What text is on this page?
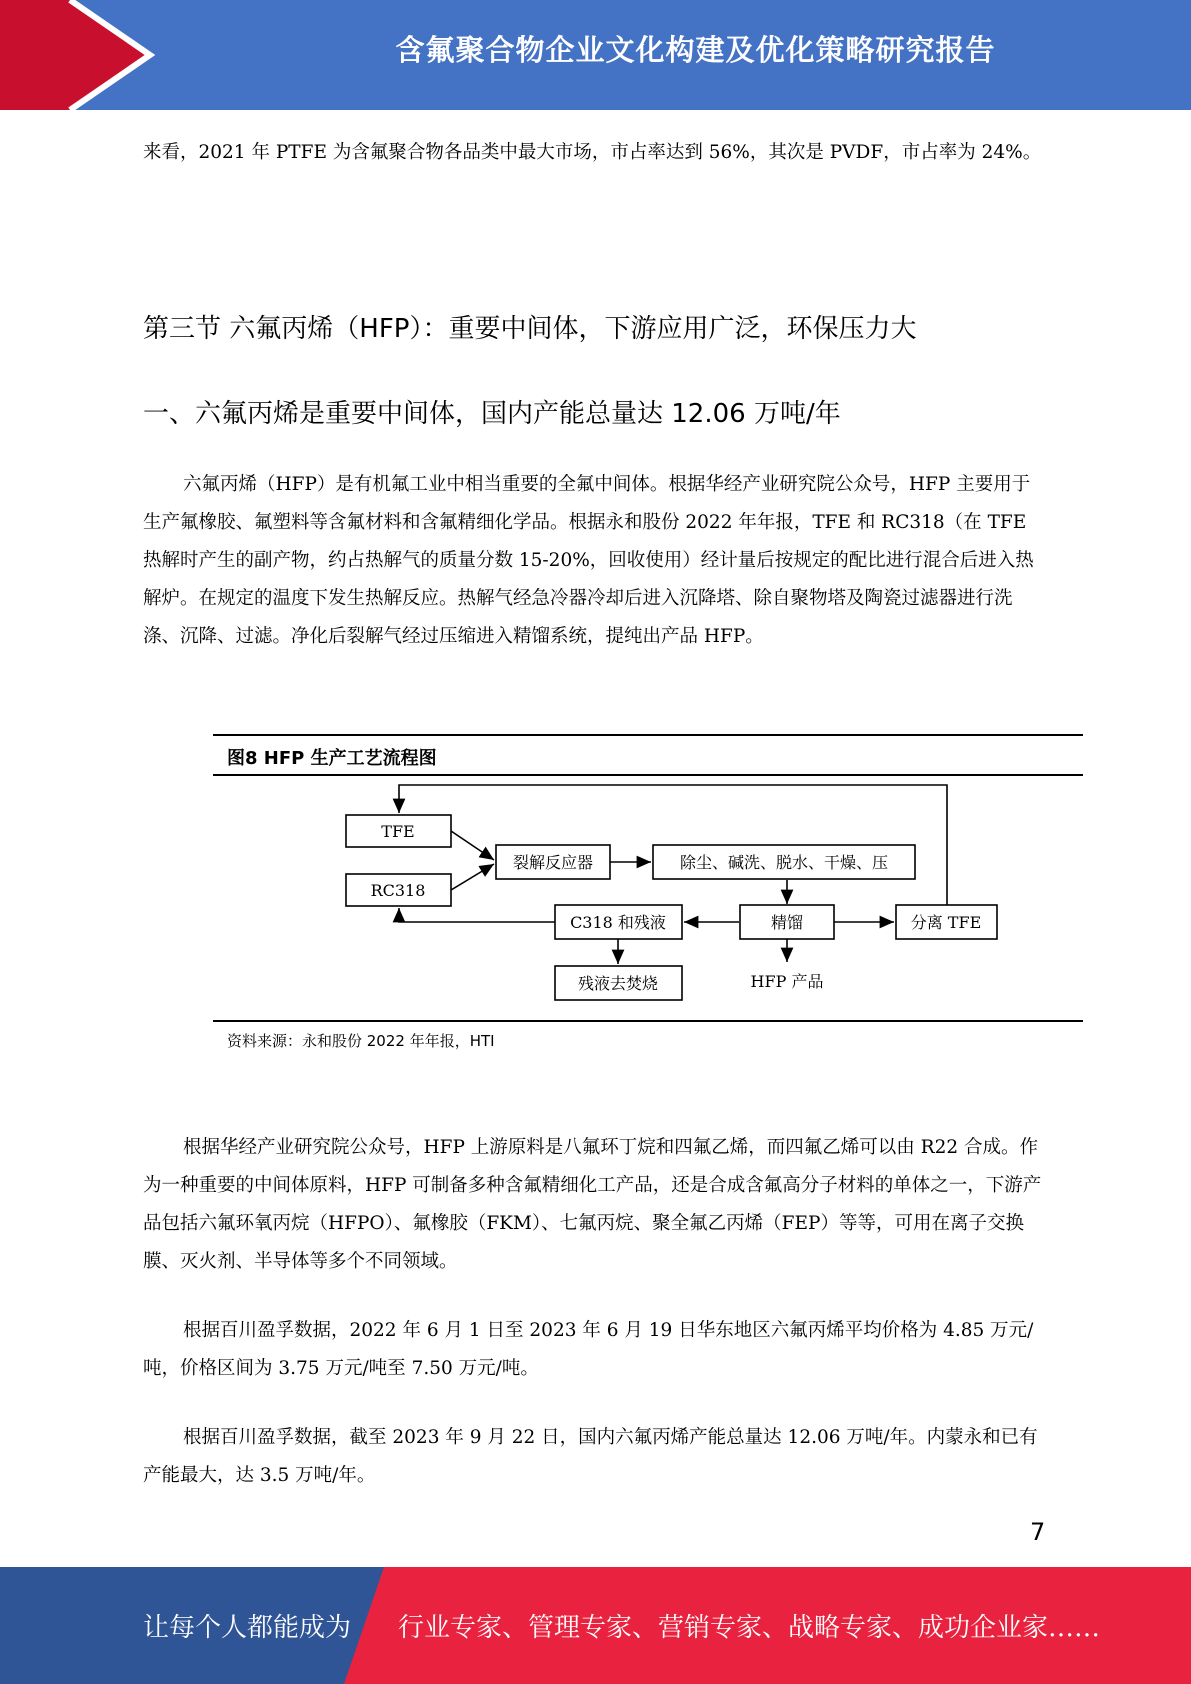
含氟聚合物企业文化构建及优化策略研究报告

来看，2021 年 PTFE 为含氟聚合物各品类中最大市场，市占率达到 56%，其次是 PVDF，市占率为 24%。

第三节 六氟丙烯（HFP）：重要中间体，下游应用广泛，环保压力大
一、六氟丙烯是重要中间体，国内产能总量达 12.06 万吨/年

六氟丙烯（HFP）是有机氟工业中相当重要的全氟中间体。根据华经产业研究院公众号，HFP 主要用于生产氟橡胶、氟塑料等含氟材料和含氟精细化学品。根据永和股份 2022 年年报，TFE 和 RC318（在 TFE 热解时产生的副产物，约占热解气的质量分数 15-20%，回收使用）经计量后按规定的配比进行混合后进入热解炉。在规定的温度下发生热解反应。热解气经急冷器冷却后进入沉降塔、除自聚物塔及陶瓷过滤器进行洗涤、沉降、过滤。净化后裂解气经过压缩进入精馏系统，提纯出产品 HFP。

图8 HFP 生产工艺流程图
TFE
RC318
裂解反应器	除尘、碱洗、脱水、干燥、压
精馏	分离 TFE
C318 和残液
残液去焚烧	HFP 产品
资料来源：永和股份 2022 年年报，HTI

根据华经产业研究院公众号，HFP 上游原料是八氟环丁烷和四氟乙烯，而四氟乙烯可以由 R22 合成。作为一种重要的中间体原料，HFP 可制备多种含氟精细化工产品，还是合成含氟高分子材料的单体之一，下游产品包括六氟环氧丙烷（HFPO）、氟橡胶（FKM）、七氟丙烷、聚全氟乙丙烯（FEP）等等，可用在离子交换膜、灭火剂、半导体等多个不同领域。

根据百川盈孚数据，2022 年 6 月 1 日至 2023 年 6 月 19 日华东地区六氟丙烯平均价格为 4.85 万元/吨，价格区间为 3.75 万元/吨至 7.50 万元/吨。

根据百川盈孚数据，截至 2023 年 9 月 22 日，国内六氟丙烯产能总量达 12.06 万吨/年。内蒙永和已有产能最大，达 3.5 万吨/年。

7
让每个人都能成为 行业专家、管理专家、营销专家、战略专家、成功企业家……
